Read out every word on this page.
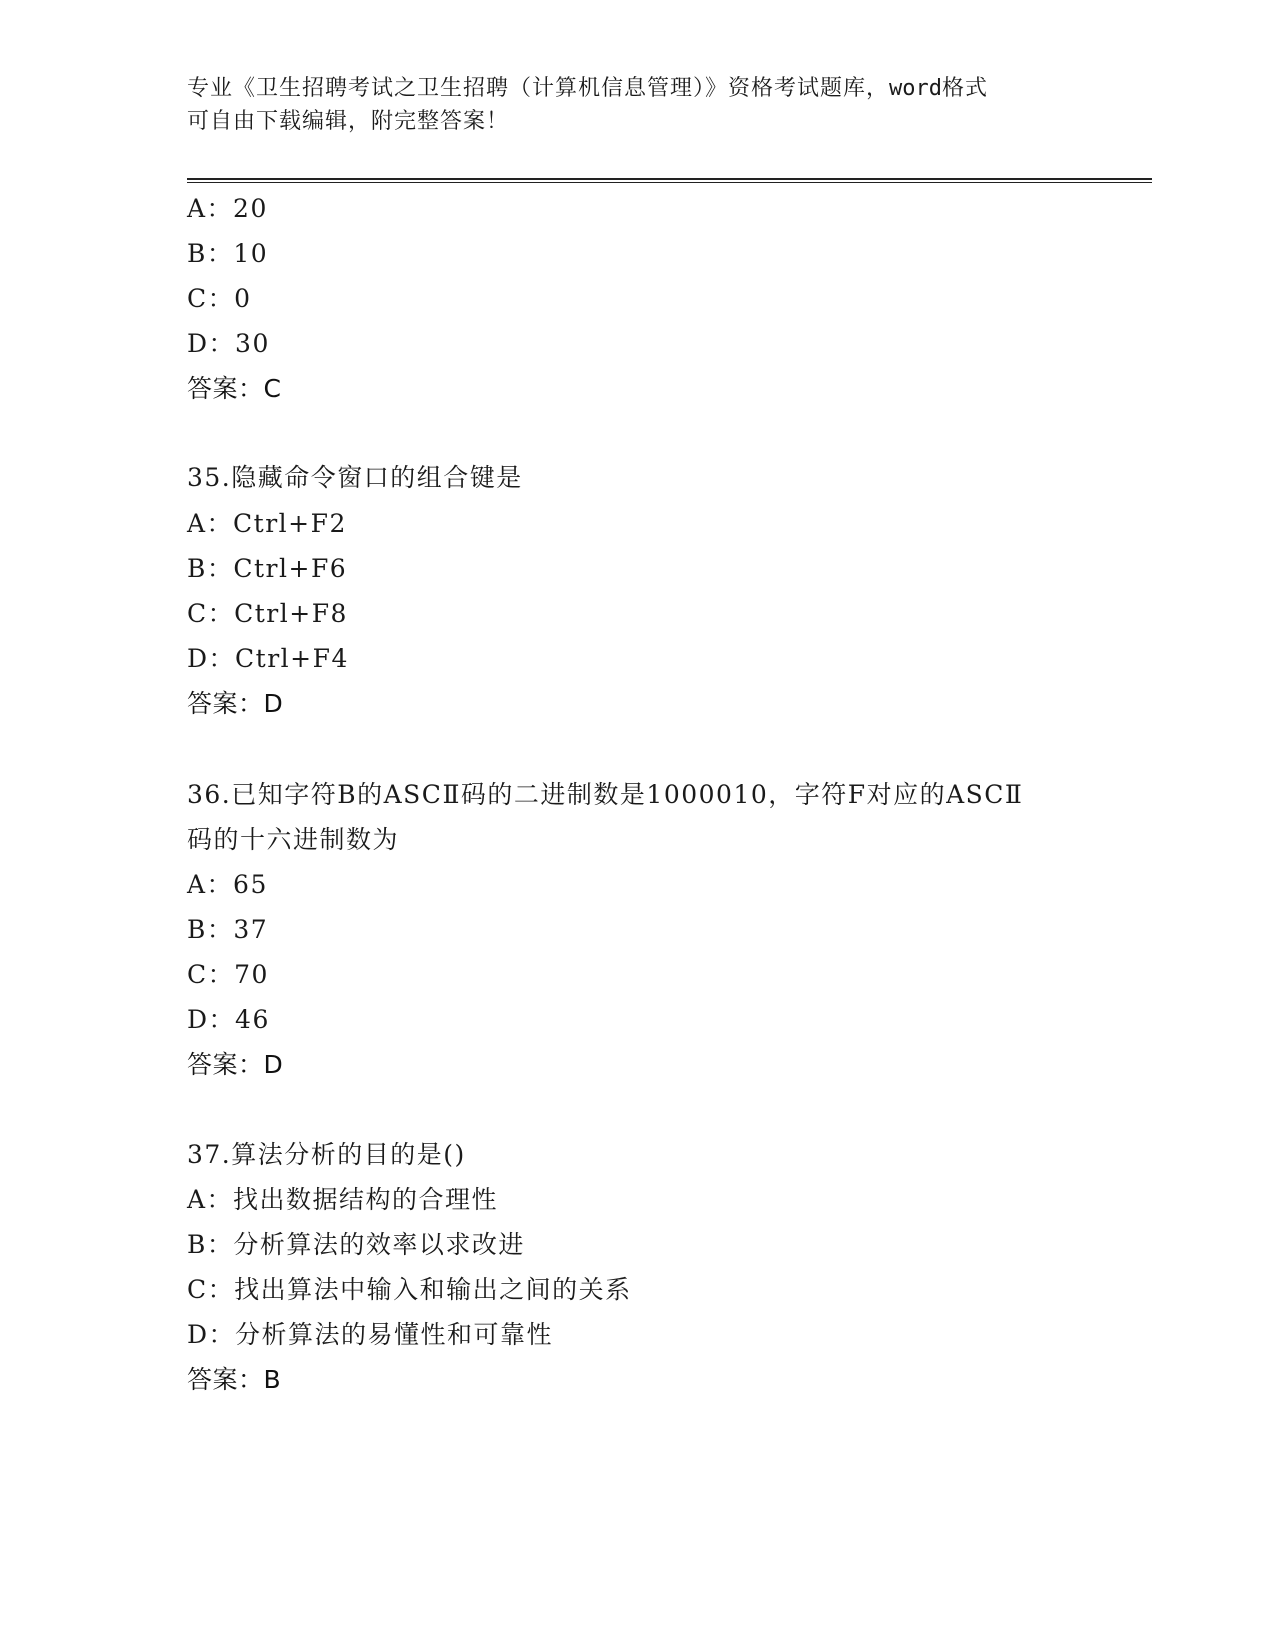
专业《卫生招聘考试之卫生招聘（计算机信息管理）》资格考试题库，word格式
可自由下载编辑，附完整答案！
A：20
B：10
C：0
D：30
答案：C
35.隐藏命令窗口的组合键是
A：Ctrl+F2
B：Ctrl+F6
C：Ctrl+F8
D：Ctrl+F4
答案：D
36.已知字符B的ASCⅡ码的二进制数是1000010，字符F对应的ASCⅡ
码的十六进制数为
A：65
B：37
C：70
D：46
答案：D
37.算法分析的目的是()
A：找出数据结构的合理性
B：分析算法的效率以求改进
C：找出算法中输入和输出之间的关系
D：分析算法的易懂性和可靠性
答案：B
